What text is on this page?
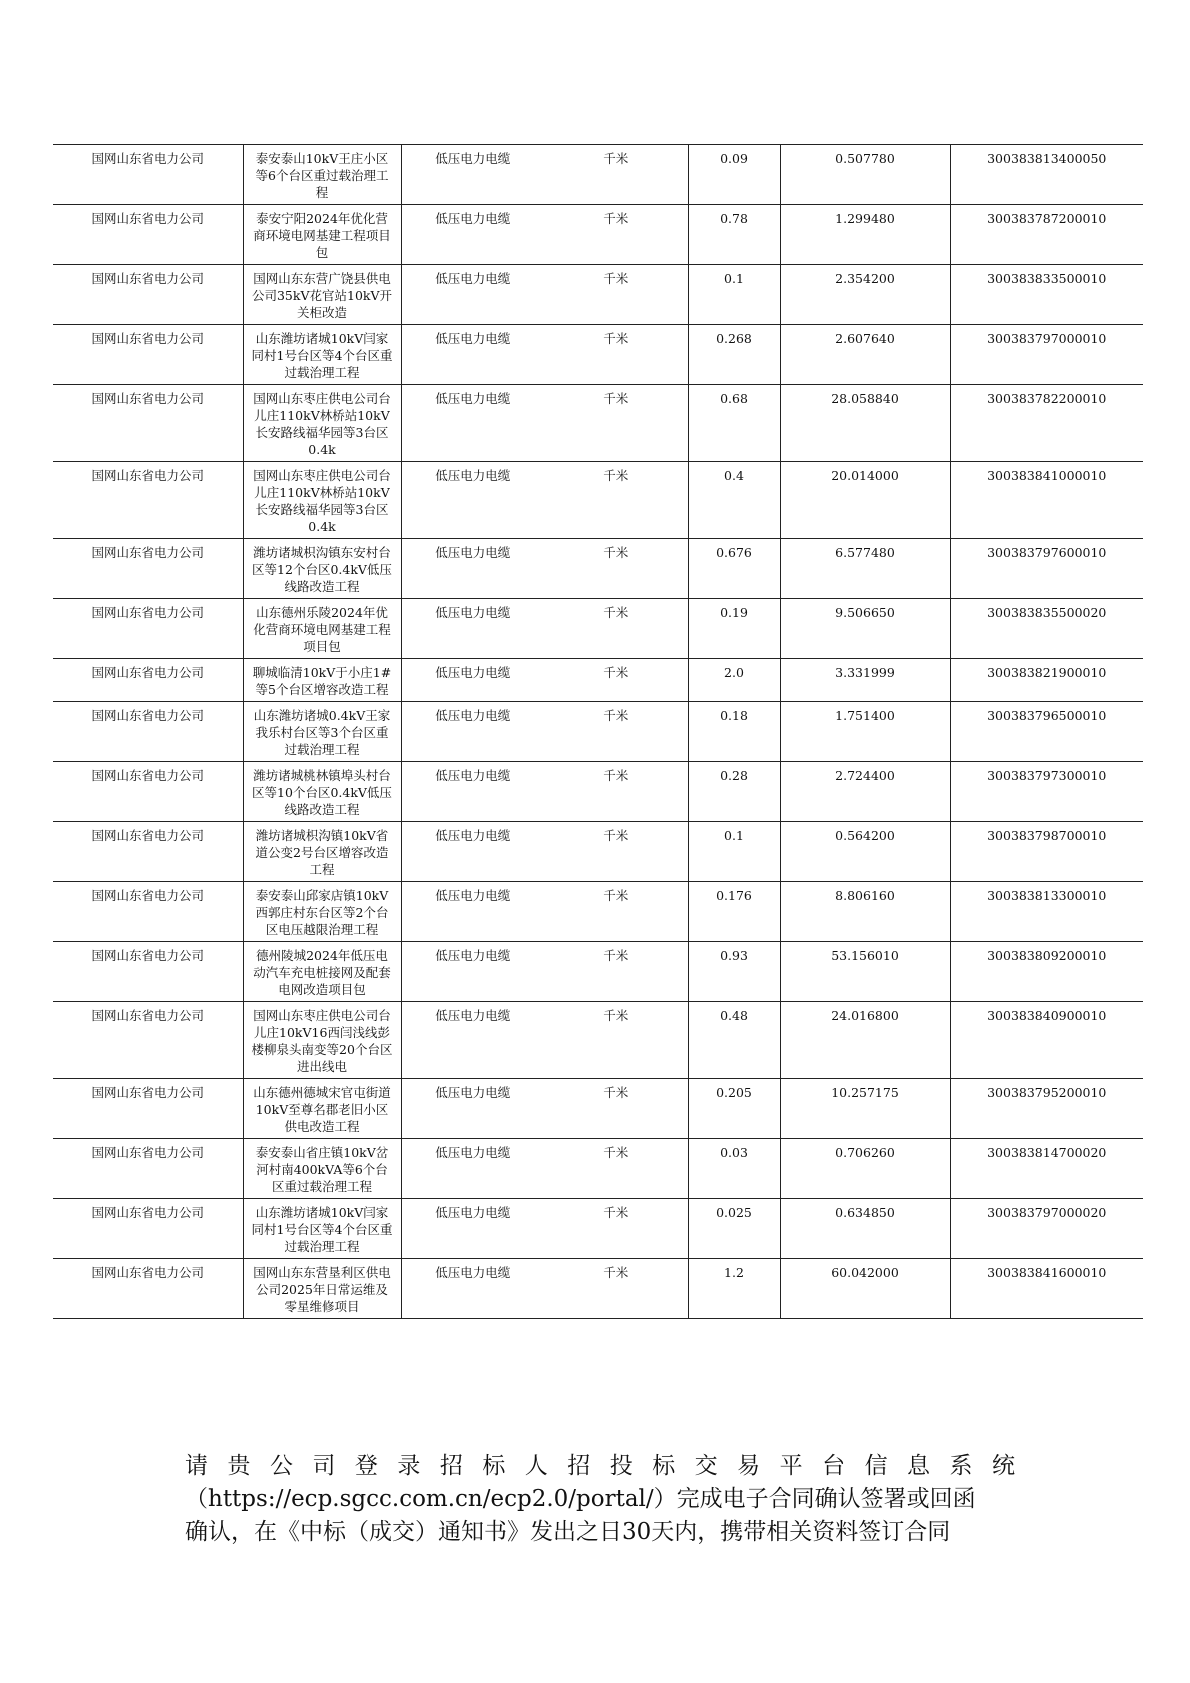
国网山东省电力公司	泰安泰山10kV王庄小区等6个台区重过载治理工程	低压电力电缆	千米	0.09	0.507780	300383813400050
国网山东省电力公司	泰安宁阳2024年优化营商环境电网基建工程项目包	低压电力电缆	千米	0.78	1.299480	300383787200010
国网山东省电力公司	国网山东东营广饶县供电公司35kV花官站10kV开关柜改造	低压电力电缆	千米	0.1	2.354200	300383833500010
国网山东省电力公司	山东潍坊诸城10kV闫家同村1号台区等4个台区重过载治理工程	低压电力电缆	千米	0.268	2.607640	300383797000010
国网山东省电力公司	国网山东枣庄供电公司台儿庄110kV林桥站10kV长安路线福华园等3台区0.4k	低压电力电缆	千米	0.68	28.058840	300383782200010
国网山东省电力公司	国网山东枣庄供电公司台儿庄110kV林桥站10kV长安路线福华园等3台区0.4k	低压电力电缆	千米	0.4	20.014000	300383841000010
国网山东省电力公司	潍坊诸城枳沟镇东安村台区等12个台区0.4kV低压线路改造工程	低压电力电缆	千米	0.676	6.577480	300383797600010
国网山东省电力公司	山东德州乐陵2024年优化营商环境电网基建工程项目包	低压电力电缆	千米	0.19	9.506650	300383835500020
国网山东省电力公司	聊城临清10kV于小庄1#等5个台区增容改造工程	低压电力电缆	千米	2.0	3.331999	300383821900010
国网山东省电力公司	山东潍坊诸城0.4kV王家我乐村台区等3个台区重过载治理工程	低压电力电缆	千米	0.18	1.751400	300383796500010
国网山东省电力公司	潍坊诸城桃林镇埠头村台区等10个台区0.4kV低压线路改造工程	低压电力电缆	千米	0.28	2.724400	300383797300010
国网山东省电力公司	潍坊诸城枳沟镇10kV省道公变2号台区增容改造工程	低压电力电缆	千米	0.1	0.564200	300383798700010
国网山东省电力公司	泰安泰山邱家店镇10kV西郭庄村东台区等2个台区电压越限治理工程	低压电力电缆	千米	0.176	8.806160	300383813300010
国网山东省电力公司	德州陵城2024年低压电动汽车充电桩接网及配套电网改造项目包	低压电力电缆	千米	0.93	53.156010	300383809200010
国网山东省电力公司	国网山东枣庄供电公司台儿庄10kV16西闫浅线彭楼柳泉头南变等20个台区进出线电	低压电力电缆	千米	0.48	24.016800	300383840900010
国网山东省电力公司	山东德州德城宋官屯街道10kV至尊名郡老旧小区供电改造工程	低压电力电缆	千米	0.205	10.257175	300383795200010
国网山东省电力公司	泰安泰山省庄镇10kV岔河村南400kVA等6个台区重过载治理工程	低压电力电缆	千米	0.03	0.706260	300383814700020
国网山东省电力公司	山东潍坊诸城10kV闫家同村1号台区等4个台区重过载治理工程	低压电力电缆	千米	0.025	0.634850	300383797000020
国网山东省电力公司	国网山东东营垦利区供电公司2025年日常运维及零星维修项目	低压电力电缆	千米	1.2	60.042000	300383841600010
请贵公司登录招标人招投标交易平台信息系统
（https://ecp.sgcc.com.cn/ecp2.0/portal/）完成电子合同确认签署或回函
确认，在《中标（成交）通知书》发出之日30天内，携带相关资料签订合同
